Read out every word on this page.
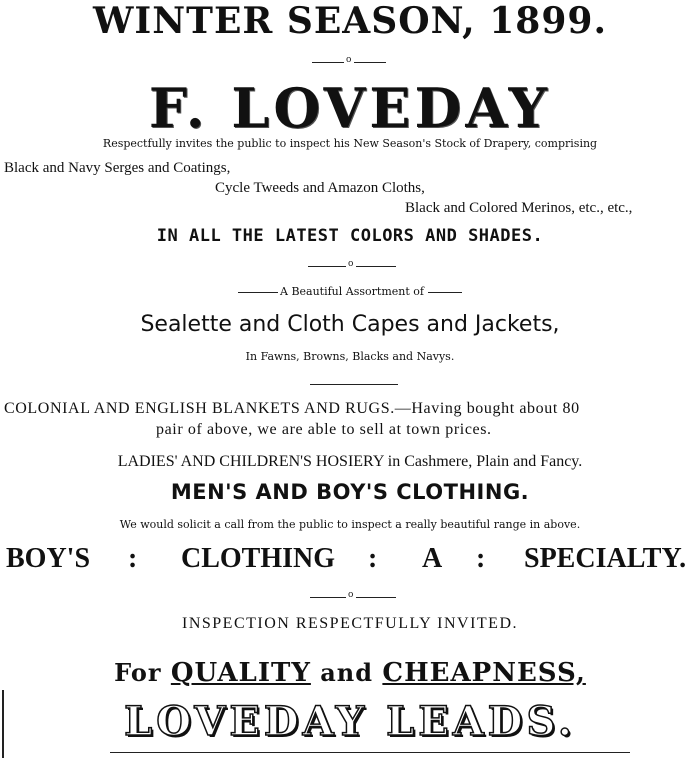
WINTER SEASON, 1899.
o
F. LOVEDAY
Respectfully invites the public to inspect his New Season's Stock of Drapery, comprising
Black and Navy Serges and Coatings,
Cycle Tweeds and Amazon Cloths,
Black and Colored Merinos, etc., etc.,
IN ALL THE LATEST COLORS AND SHADES.
o
A Beautiful Assortment of
Sealette and Cloth Capes and Jackets,
In Fawns, Browns, Blacks and Navys.
COLONIAL AND ENGLISH BLANKETS AND RUGS.—Having bought about 80
pair of above, we are able to sell at town prices.
LADIES' AND CHILDREN'S HOSIERY in Cashmere, Plain and Fancy.
MEN'S AND BOY'S CLOTHING.
We would solicit a call from the public to inspect a really beautiful range in above.
BOY'S : CLOTHING : A : SPECIALTY.
o
INSPECTION RESPECTFULLY INVITED.
For QUALITY and CHEAPNESS,
LOVEDAY LEADS.
